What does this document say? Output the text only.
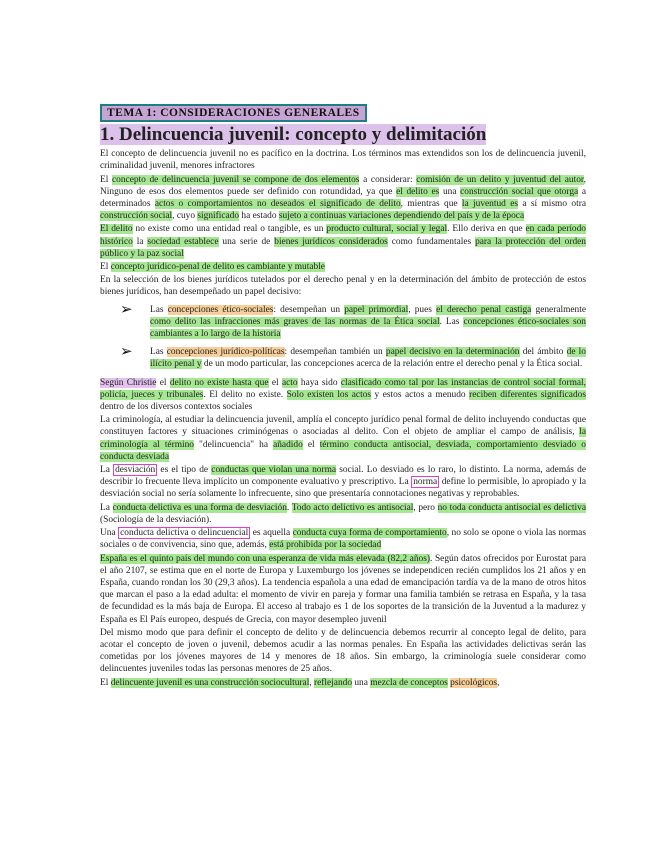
TEMA 1: CONSIDERACIONES GENERALES
1. Delincuencia juvenil: concepto y delimitación

El concepto de delincuencia juvenil no es pacífico en la doctrina. Los términos mas extendidos son los de delincuencia juvenil, criminalidad juvenil, menores infractores

El concepto de delincuencia juvenil se compone de dos elementos a considerar: comisión de un delito y juventud del autor, Ninguno de esos dos elementos puede ser definido con rotundidad, ya que el delito es una construcción social que otorga a determinados actos o comportamientos no deseados el significado de delito, mientras que la juventud es a sí mismo otra construcción social, cuyo significado ha estado sujeto a continuas variaciones dependiendo del país y de la época

El delito no existe como una entidad real o tangible, es un producto cultural, social y legal. Ello deriva en que en cada período histórico la sociedad establece una serie de bienes jurídicos considerados como fundamentales para la protección del orden público y la paz social

El concepto jurídico-penal de delito es cambiante y mutable

En la selección de los bienes jurídicos tutelados por el derecho penal y en la determinación del ámbito de protección de estos bienes jurídicos, han desempeñado un papel decisivo:

➢	Las concepciones ético-sociales: desempeñan un papel primordial, pues el derecho penal castiga generalmente como delito las infracciones más graves de las normas de la Ética social. Las concepciones ético-sociales son cambiantes a lo largo de la historia
➢	Las concepciones jurídico-políticas: desempeñan también un papel decisivo en la determinación del ámbito de lo ilícito penal y de un modo particular, las concepciones acerca de la relación entre el derecho penal y la Ética social.

Según Christie el delito no existe hasta que el acto haya sido clasificado como tal por las instancias de control social formal, policía, jueces y tribunales. El delito no existe. Solo existen los actos y estos actos a menudo reciben diferentes significados dentro de los diversos contextos sociales

La criminología, al estudiar la delincuencia juvenil, amplía el concepto jurídico penal formal de delito incluyendo conductas que constituyen factores y situaciones criminógenas o asociadas al delito. Con el objeto de ampliar el campo de análisis, la criminología al término "delincuencia" ha añadido el término conducta antisocial, desviada, comportamiento desviado o conducta desviada

La desviación es el tipo de conductas que violan una norma social. Lo desviado es lo raro, lo distinto. La norma, además de describir lo frecuente lleva implícito un componente evaluativo y prescriptivo. La norma define lo permisible, lo apropiado y la desviación social no sería solamente lo infrecuente, sino que presentaría connotaciones negativas y reprobables.

La conducta delictiva es una forma de desviación. Todo acto delictivo es antisocial, pero no toda conducta antisocial es delictiva (Sociología de la desviación).

Una conducta delictiva o delincuencial es aquella conducta cuya forma de comportamiento, no solo se opone o viola las normas sociales o de convivencia, sino que, además, está prohibida por la sociedad

España es el quinto país del mundo con una esperanza de vida más elevada (82,2 años). Según datos ofrecidos por Eurostat para el año 2107, se estima que en el norte de Europa y Luxemburgo los jóvenes se independicen recién cumplidos los 21 años y en España, cuando rondan los 30 (29,3 años). La tendencia española a una edad de emancipación tardía va de la mano de otros hitos que marcan el paso a la edad adulta: el momento de vivir en pareja y formar una familia también se retrasa en España, y la tasa de fecundidad es la más baja de Europa. El acceso al trabajo es 1 de los soportes de la transición de la Juventud a la madurez y España es El País europeo, después de Grecia, con mayor desempleo juvenil

Del mismo modo que para definir el concepto de delito y de delincuencia debemos recurrir al concepto legal de delito, para acotar el concepto de joven o juvenil, debemos acudir a las normas penales. En España las actividades delictivas serán las cometidas por los jóvenes mayores de 14 y menores de 18 años. Sin embargo, la criminología suele considerar como delincuentes juveniles todas las personas menores de 25 años.

El delincuente juvenil es una construcción sociocultural, reflejando una mezcla de conceptos psicológicos,
